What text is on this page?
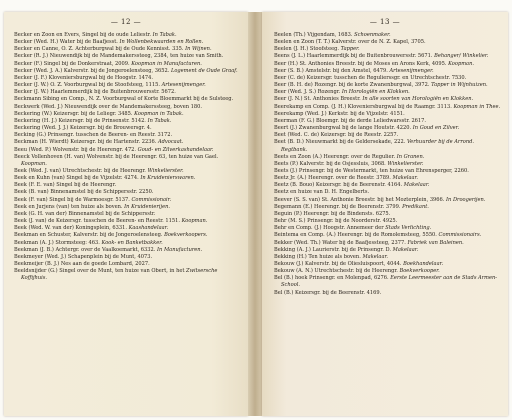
— 12 —
Becker en Zoon en Evers, Singel bij de oude Leliestr. In Tabak.
Becker (Wed. H.) Water bij de Baafjesst. In Wollenbekwaarden en Rollen.
Becker en Canne, O. Z. Achterburgwal bij de Oude Kennisst. 335. In Wijnen.
Becker (R. J.) Nieuwendijk bij de Mandemakerssteeg, 2384, ten huize van Smith.
Becker (F.) Singel bij de Donkerstraat, 2009. Koopman in Manufacturen.
Becker (Wed. J. A.) Kalverstr. bij de Jongeroelensteeg, 3652. Logement de Oude Graaf.
Becker (J. F.) Kloveniersburgwal bij de Hoogstr. 1474.
Becker (J. W.) O. Z. Voorburgwal bij de Stoofsteeg, 1115. Artesenijmenger.
Becker (J. W.) Haarlemmerdijk bij de Buitenbrouwersstr. 5672.
Beckmann Sibing en Comp., N. Z. Voorburgwal of Korte Bloemmarkt bij de Sulsteeg.
Beckwerk (Wed. J.) Nieuwendijk over de Mandemakerssteeg, boven 180.
Beckering (W.) Keizersgr. bij de Leliegr. 3485. Koopman in Tabak.
Beckering (H. J.) Keizersgr. bij de Prinsenstr. 5142. In Tabak.
Beckering (Wed. J. J.) Keizersgr. bij de Brouwersgr. 4.
Becking (G.) Prinsengr. tusschen de Beeren- en Reestr. 3172.
Beckman (H. Wierdt) Keizersgr. bij de Hartenstr. 2236. Advocaat.
Beeu (Wed. P.) Wolvenstr. bij de Heerengr. 472. Goud- en Zilverkashandelaar.
Beeck Vollenhoven (H. van) Wolvenstr. bij de Heerengr. 63, ten huize van Gael. Koopman.
Beek (Wed. J. van) Utrechtschestr. bij de Heerengr. Winkelierster.
Beek en Kuhn (van) Singel bij de Vijzelstr. 4274. In Kruidenierswaren.
Beek (F. E. van) Singel bij de Heerengr.
Beek (B. van) Binnenamstel bij de Schippersstr. 2250.
Beek (F. van) Singel bij de Warmoesgr. 5137. Commissionair.
Beek en Jurjens (van) ten huize als boven. In Kruidenierijen.
Beek (G. H. van der) Binnenamstel bij de Schippersstr.
Beek (J. van) de Keizersgr. tusschen de Beeren- en Reestr. 1151. Koopman.
Beek (Wed. W. van der) Koningsplein, 6331. Kaashandelaar.
Beekman en Schuster, Kalverstr. bij de Jongeroelensteeg. Boekverkoopers.
Beekman (A. J.) Stormsteeg: 463. Kook- en Banketbakker.
Beekman (J. B.) Achtergr. over de Vaalkoemarkt, 6332. In Manufacturen.
Beekmeyer (Wed. J.) Schapenplein bij de Munt, 4073.
Beekmeijer (B. J.) Nes aan de goede Lombard, 2027.
Beeldsnijder (G.) Singel over de Munt, ten huize van Obert, in het Zwitsersche Koffijhuis.
— 13 —
Beelen (Th.) Vijgendam, 1683. Schoenmaker.
Beelen en Zoon (T. T.) Kalverstr. over de N. Z. Kapel, 3705.
Beelen (J. H.) Stoofsteeg. Tapper.
Beens (J. L.) Haarlemmerdijk bij de Buitenbrouwersstr. 5671. Behanger/ Winkelier.
Beer (H.) St. Anthonies Breestr. bij de Moses en Arons Kerk, 4095. Koopman.
Beer (S. B.) Amstelstr. bij den Amstel, 6479. Artesenijmenger.
Beer (C. de) Keizersgr. tusschen de Regulierssgr. en Utrechtschestr. 7530.
Beer (B. H. de) Rozengr. bij de korte Zwanenburgwal, 3972. Tapper in Wijnhuizen.
Beer (Wed. J. S.) Rozengr. In Horologiën en Klokken.
Beer (J. N.) St. Anthonies Breestr. In alle soorten van Horologiën en Klokken.
Beerekamp en Comp. (J. H.) Kloveniersburgwal bij de Raamgr. 3113. Koopman in Thee.
Beerekamp (Wed. J.) Kerkstr. bij de Vijzelstr. 4151.
Beerman (F. G.) Bloemgr. bij de derde Leliedwarsstr. 2617.
Beert (J.) Zwanenburgwal bij de lange Houtstr. 4220. In Goud en Zilver.
Beet (Wed. C. de) Keizersgr. bij de Reestr. 2257.
Beet (B. D.) Nieuwmarkt bij de Geldersekade, 222. Verhuurder bij de Arrond. Regtbank.
Beets en Zoon (A.) Heerengr. over de Regulier. In Granen.
Beets (P.) Kalverstr. bij de Osjessluis, 3068. Winkelierster.
Beets (J.) Prinsengr. bij de Westermarkt, ten huize van Ehrensperger, 2260.
Beetz Jr. (A.) Heerengr. over de Reestr. 3789. Makelaar.
Beetz (B. Bouo) Keizersgr. bij de Beerenstr. 4164. Makelaar.
Beetz en huize van D. H. Engelberts.
Beever (S. S. van) St. Anthonie Breestr. bij het Mozterplein, 3966. In Droogerijen.
Begemann (E.) Heerengr. bij de Beerenstr. 3799. Predikant.
Beguin (P.) Heerengr. bij de Bindensts. 6275.
Behr (M. S.) Prinsengr. bij de Noorderstr. 4925.
Behr en Comp. (J.) Hoogstr. Annemeer der Stads Verlichting.
Beintema en Comp. (A.) Heerengr. bij de Romolemsteeg, 5550. Commissionairs.
Bekker (Wed. Th.) Water bij de Baafjessteeg, 2377. Fabriek van Baleinen.
Bekking (A. J.) Laurierstr. bij de Prinsengr. D. Makelaar.
Bekking (H.) Ten huize als boven. Makelaar.
Bekouw (J.) Kalverstr. bij de Oliesluispoort, 4044. Boekhandelaar.
Bekouw (A. N.) Utrechtschestr. bij de Heerengr. Boekverkooper.
Bel (B.) hoek Prinsengr. en Molenpad, 6276. Eerste Leermeester aan de Stads Armen-School.
Bel (B.) Keizersgr. bij de Beerenstr. 4169.
